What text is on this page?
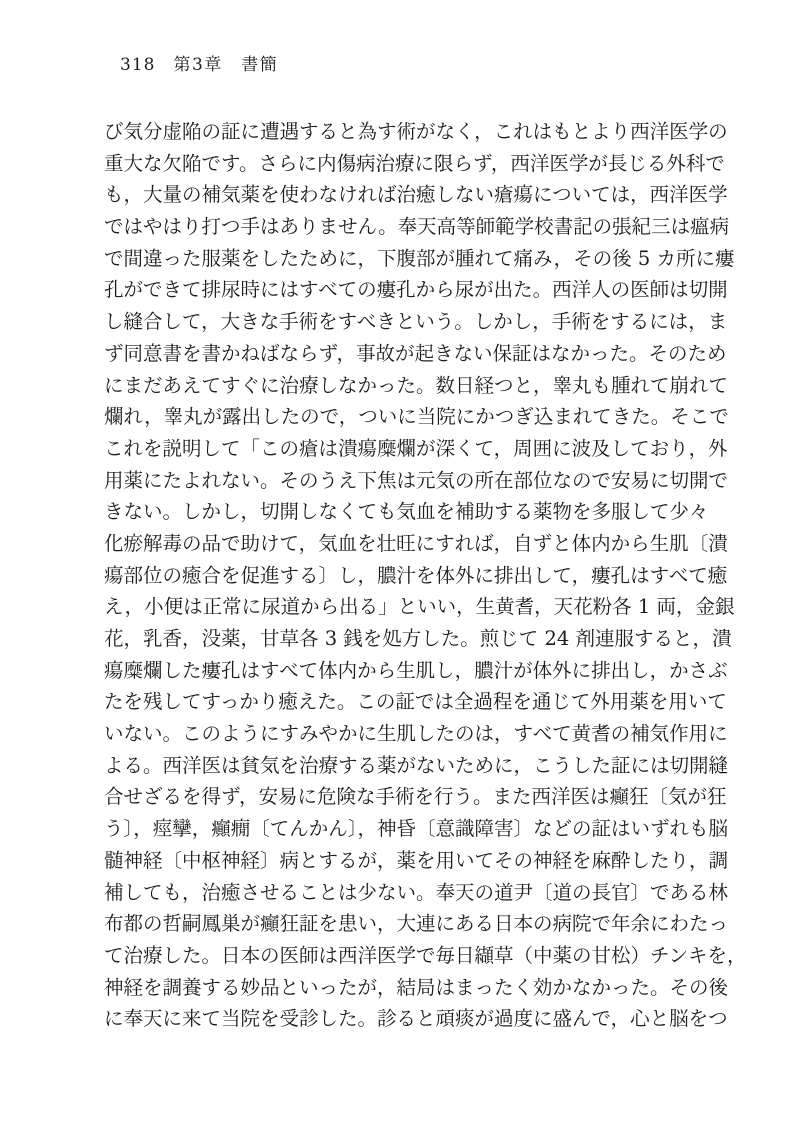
318 第3章　書簡
び気分虚陥の証に遭遇すると為す術がなく，これはもとより西洋医学の
重大な欠陥です。さらに内傷病治療に限らず，西洋医学が長じる外科で
も，大量の補気薬を使わなければ治癒しない瘡瘍については，西洋医学
ではやはり打つ手はありません。奉天高等師範学校書記の張紀三は瘟病
で間違った服薬をしたために，下腹部が腫れて痛み，その後 5 カ所に瘻
孔ができて排尿時にはすべての瘻孔から尿が出た。西洋人の医師は切開
し縫合して，大きな手術をすべきという。しかし，手術をするには，ま
ず同意書を書かねばならず，事故が起きない保証はなかった。そのため
にまだあえてすぐに治療しなかった。数日経つと，睾丸も腫れて崩れて
爛れ，睾丸が露出したので，ついに当院にかつぎ込まれてきた。そこで
これを説明して「この瘡は潰瘍糜爛が深くて，周囲に波及しており，外
用薬にたよれない。そのうえ下焦は元気の所在部位なので安易に切開で
きない。しかし，切開しなくても気血を補助する薬物を多服して少々
化瘀解毒の品で助けて，気血を壮旺にすれば，自ずと体内から生肌〔潰
瘍部位の癒合を促進する〕し，膿汁を体外に排出して，瘻孔はすべて癒
え，小便は正常に尿道から出る」といい，生黄耆，天花粉各 1 両，金銀
花，乳香，没薬，甘草各 3 銭を処方した。煎じて 24 剤連服すると，潰
瘍糜爛した瘻孔はすべて体内から生肌し，膿汁が体外に排出し，かさぶ
たを残してすっかり癒えた。この証では全過程を通じて外用薬を用いて
いない。このようにすみやかに生肌したのは，すべて黄耆の補気作用に
よる。西洋医は貧気を治療する薬がないために，こうした証には切開縫
合せざるを得ず，安易に危険な手術を行う。また西洋医は癲狂〔気が狂
う〕，痙攣，癲癇〔てんかん〕，神昏〔意識障害〕などの証はいずれも脳
髄神経〔中枢神経〕病とするが，薬を用いてその神経を麻酔したり，調
補しても，治癒させることは少ない。奉天の道尹〔道の長官〕である林
布都の哲嗣鳳巣が癲狂証を患い，大連にある日本の病院で年余にわたっ
て治療した。日本の医師は西洋医学で毎日纈草（中薬の甘松）チンキを，
神経を調養する妙品といったが，結局はまったく効かなかった。その後
に奉天に来て当院を受診した。診ると頑痰が過度に盛んで，心と脳をつ
